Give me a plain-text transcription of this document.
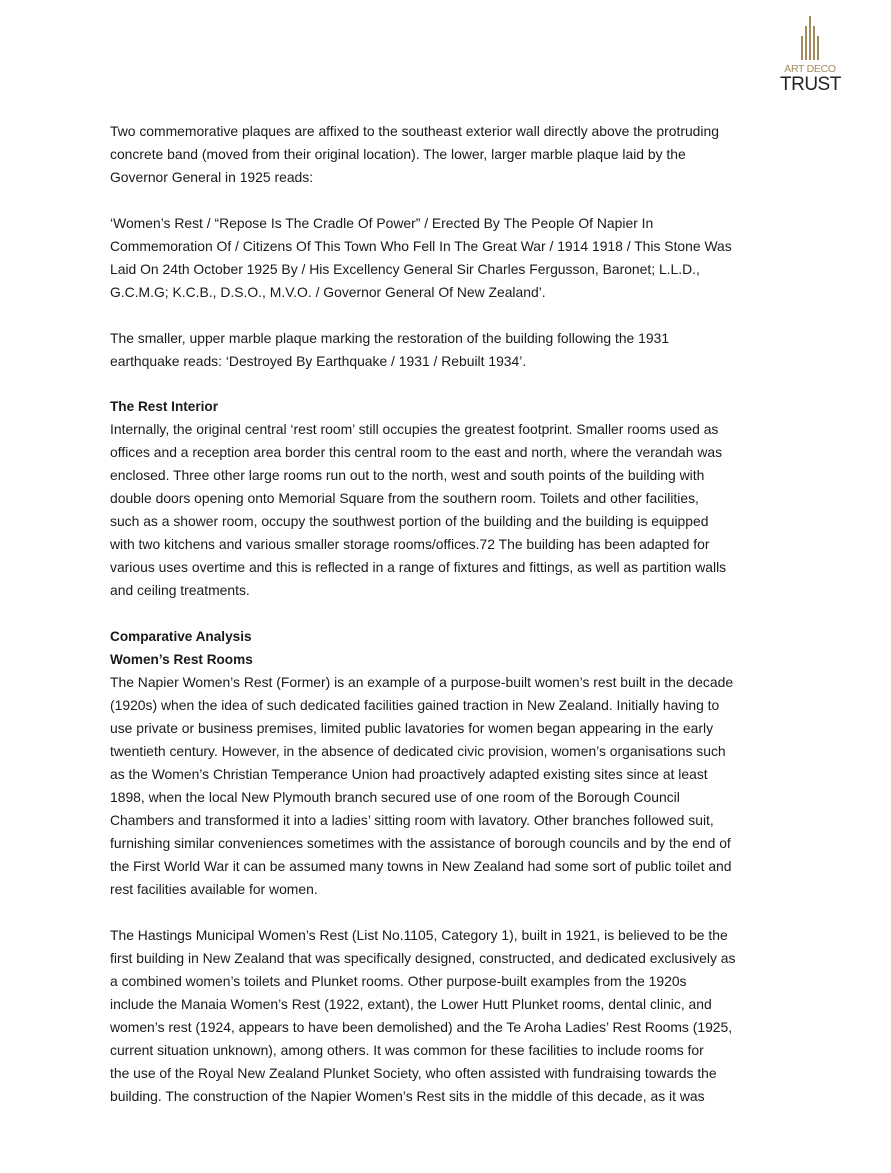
ART DECO
TRUST
Two commemorative plaques are affixed to the southeast exterior wall directly above the protruding
concrete band (moved from their original location). The lower, larger marble plaque laid by the
Governor General in 1925 reads:
‘Women’s Rest / “Repose Is The Cradle Of Power” / Erected By The People Of Napier In
Commemoration Of / Citizens Of This Town Who Fell In The Great War / 1914 1918 / This Stone Was
Laid On 24th October 1925 By / His Excellency General Sir Charles Fergusson, Baronet; L.L.D.,
G.C.M.G; K.C.B., D.S.O., M.V.O. / Governor General Of New Zealand’.
The smaller, upper marble plaque marking the restoration of the building following the 1931
earthquake reads: ‘Destroyed By Earthquake / 1931 / Rebuilt 1934’.
The Rest Interior
Internally, the original central ‘rest room’ still occupies the greatest footprint. Smaller rooms used as
offices and a reception area border this central room to the east and north, where the verandah was
enclosed. Three other large rooms run out to the north, west and south points of the building with
double doors opening onto Memorial Square from the southern room. Toilets and other facilities,
such as a shower room, occupy the southwest portion of the building and the building is equipped
with two kitchens and various smaller storage rooms/offices.72 The building has been adapted for
various uses overtime and this is reflected in a range of fixtures and fittings, as well as partition walls
and ceiling treatments.
Comparative Analysis
Women’s Rest Rooms
The Napier Women’s Rest (Former) is an example of a purpose-built women’s rest built in the decade
(1920s) when the idea of such dedicated facilities gained traction in New Zealand. Initially having to
use private or business premises, limited public lavatories for women began appearing in the early
twentieth century. However, in the absence of dedicated civic provision, women’s organisations such
as the Women’s Christian Temperance Union had proactively adapted existing sites since at least
1898, when the local New Plymouth branch secured use of one room of the Borough Council
Chambers and transformed it into a ladies’ sitting room with lavatory. Other branches followed suit,
furnishing similar conveniences sometimes with the assistance of borough councils and by the end of
the First World War it can be assumed many towns in New Zealand had some sort of public toilet and
rest facilities available for women.
The Hastings Municipal Women’s Rest (List No.1105, Category 1), built in 1921, is believed to be the
first building in New Zealand that was specifically designed, constructed, and dedicated exclusively as
a combined women’s toilets and Plunket rooms. Other purpose-built examples from the 1920s
include the Manaia Women’s Rest (1922, extant), the Lower Hutt Plunket rooms, dental clinic, and
women’s rest (1924, appears to have been demolished) and the Te Aroha Ladies’ Rest Rooms (1925,
current situation unknown), among others. It was common for these facilities to include rooms for
the use of the Royal New Zealand Plunket Society, who often assisted with fundraising towards the
building. The construction of the Napier Women’s Rest sits in the middle of this decade, as it was
